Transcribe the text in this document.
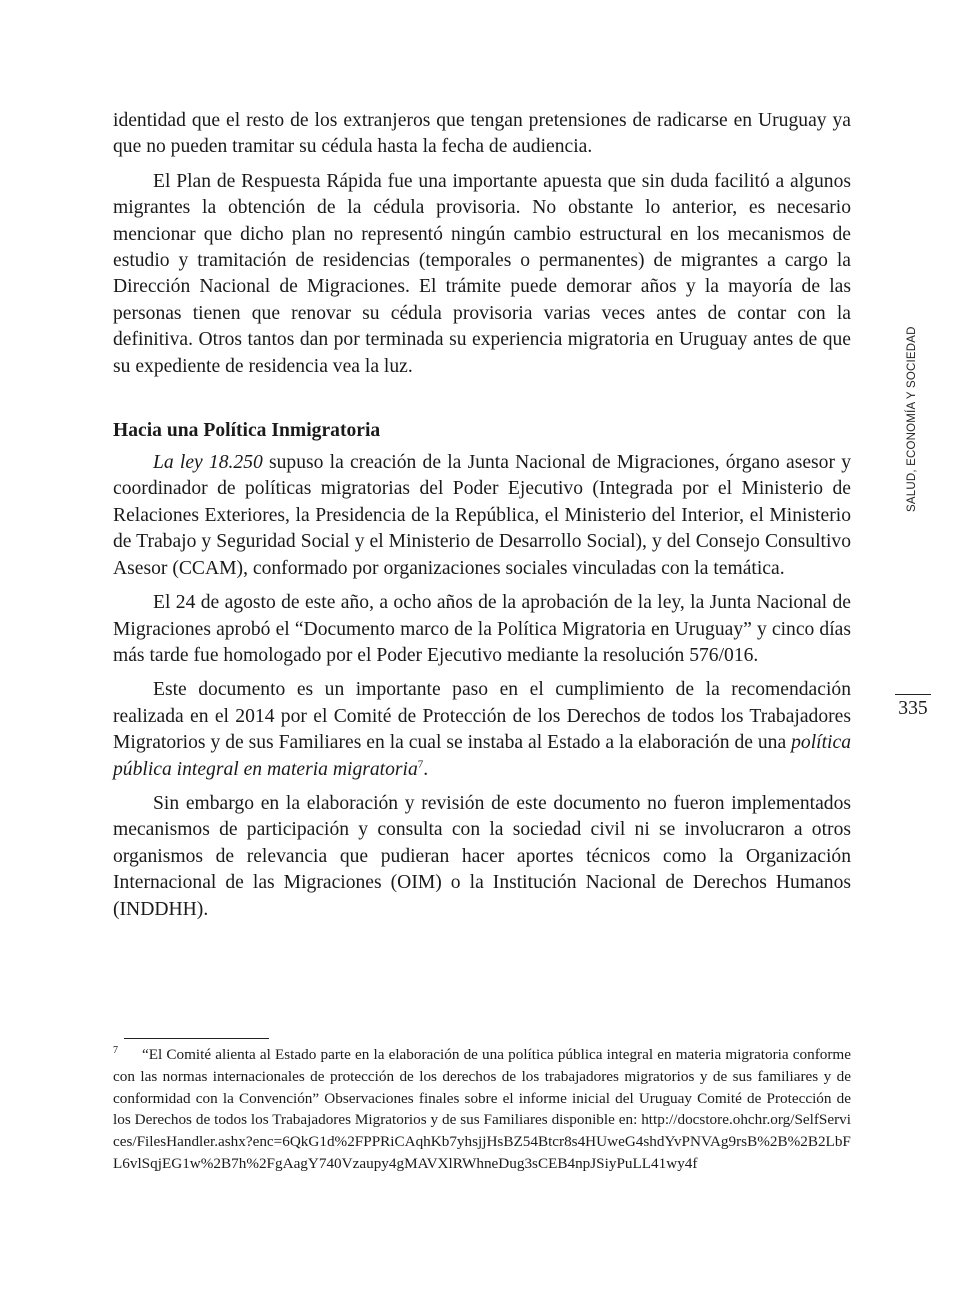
identidad que el resto de los extranjeros que tengan pretensiones de radicarse en Uruguay ya que no pueden tramitar su cédula hasta la fecha de audiencia.

El Plan de Respuesta Rápida fue una importante apuesta que sin duda facilitó a algunos migrantes la obtención de la cédula provisoria. No obstante lo anterior, es necesario mencionar que dicho plan no representó ningún cambio estructural en los mecanismos de estudio y tramitación de residencias (temporales o permanentes) de migrantes a cargo la Dirección Nacional de Migraciones. El trámite puede demorar años y la mayoría de las personas tienen que renovar su cédula provisoria varias veces antes de contar con la definitiva. Otros tantos dan por terminada su experiencia migratoria en Uruguay antes de que su expediente de residencia vea la luz.

Hacia una Política Inmigratoria

La ley 18.250 supuso la creación de la Junta Nacional de Migraciones, órgano asesor y coordinador de políticas migratorias del Poder Ejecutivo (Integrada por el Ministerio de Relaciones Exteriores, la Presidencia de la República, el Ministerio del Interior, el Ministerio de Trabajo y Seguridad Social y el Ministerio de Desarrollo Social), y del Consejo Consultivo Asesor (CCAM), conformado por organizaciones sociales vinculadas con la temática.

El 24 de agosto de este año, a ocho años de la aprobación de la ley, la Junta Nacional de Migraciones aprobó el “Documento marco de la Política Migratoria en Uruguay” y cinco días más tarde fue homologado por el Poder Ejecutivo mediante la resolución 576/016.

Este documento es un importante paso en el cumplimiento de la recomendación realizada en el 2014 por el Comité de Protección de los Derechos de todos los Trabajadores Migratorios y de sus Familiares en la cual se instaba al Estado a la elaboración de una política pública integral en materia migratoria$^7$.

Sin embargo en la elaboración y revisión de este documento no fueron implementados mecanismos de participación y consulta con la sociedad civil ni se involucraron a otros organismos de relevancia que pudieran hacer aportes técnicos como la Organización Internacional de las Migraciones (OIM) o la Institución Nacional de Derechos Humanos (INDDHH).

SALUD, ECONOMÍA Y SOCIEDAD
335
7 “El Comité alienta al Estado parte en la elaboración de una política pública integral en materia migratoria conforme con las normas internacionales de protección de los derechos de los trabajadores migratorios y de sus familiares y de conformidad con la Convención” Observaciones finales sobre el informe inicial del Uruguay Comité de Protección de los Derechos de todos los Trabajadores Migratorios y de sus Familiares disponible en: http://docstore.ohchr.org/SelfServices/FilesHandler.ashx?enc=6QkG1d%2FPPRiCAqhKb7yhsjjHsBZ54Btcr8s4HUweG4shdYvPNVAg9rsB%2B%2B2LbFL6vlSqjEG1w%2B7h%2FgAagY740Vzaupy4gMAVXlRWhneDug3sCEB4npJSiyPuLL41wy4f
